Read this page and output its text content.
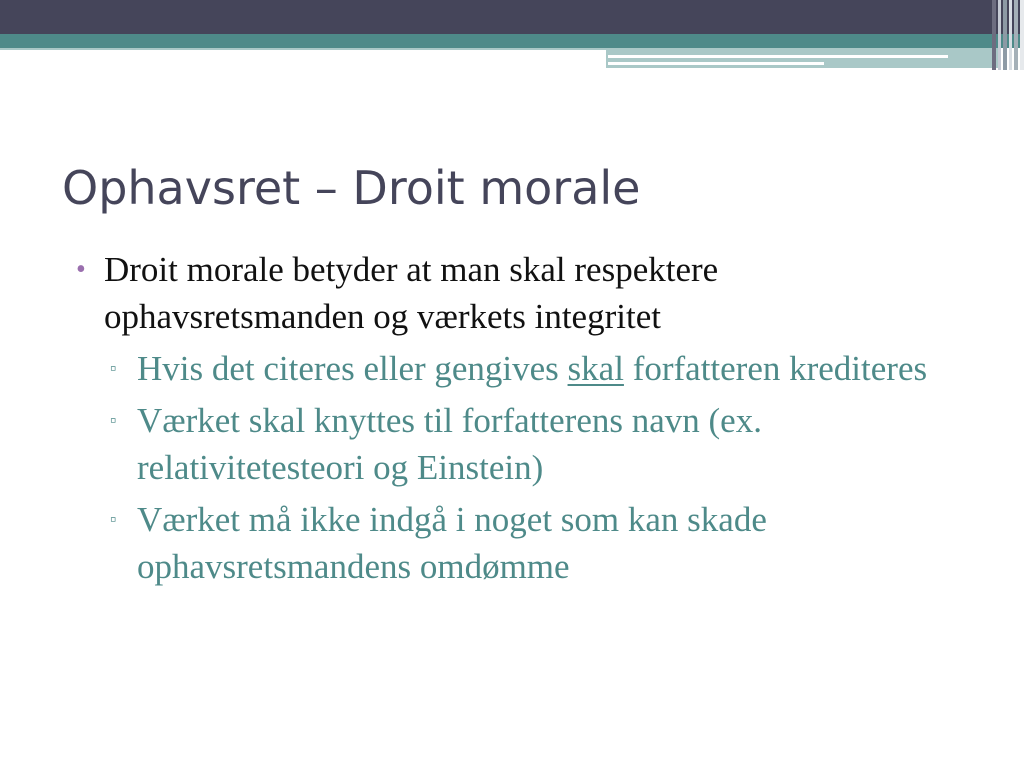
Ophavsret – Droit morale
• Droit morale betyder at man skal respektere ophavsretsmanden og værkets integritet
▫ Hvis det citeres eller gengives skal forfatteren krediteres
▫ Værket skal knyttes til forfatterens navn (ex. relativitetesteori og Einstein)
▫ Værket må ikke indgå i noget som kan skade ophavsretsmandens omdømme
